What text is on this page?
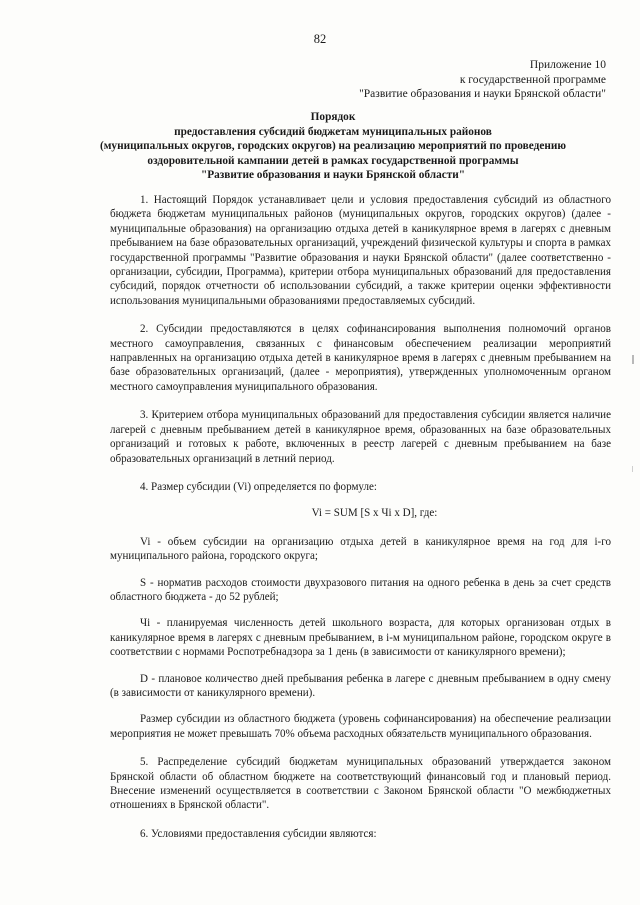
82
Приложение 10
к государственной программе
"Развитие образования и науки Брянской области"
Порядок
предоставления субсидий бюджетам муниципальных районов
(муниципальных округов, городских округов) на реализацию мероприятий по проведению
оздоровительной кампании детей в рамках государственной программы
"Развитие образования и науки Брянской области"

1. Настоящий Порядок устанавливает цели и условия предоставления субсидий из областного бюджета бюджетам муниципальных районов (муниципальных округов, городских округов) (далее - муниципальные образования) на организацию отдыха детей в каникулярное время в лагерях с дневным пребыванием на базе образовательных организаций, учреждений физической культуры и спорта в рамках государственной программы "Развитие образования и науки Брянской области" (далее соответственно - организации, субсидии, Программа), критерии отбора муниципальных образований для предоставления субсидий, порядок отчетности об использовании субсидий, а также критерии оценки эффективности использования муниципальными образованиями предоставляемых субсидий.

2. Субсидии предоставляются в целях софинансирования выполнения полномочий органов местного самоуправления, связанных с финансовым обеспечением реализации мероприятий направленных на организацию отдыха детей в каникулярное время в лагерях с дневным пребыванием на базе образовательных организаций, (далее - мероприятия), утвержденных уполномоченным органом местного самоуправления муниципального образования.

3. Критерием отбора муниципальных образований для предоставления субсидии является наличие лагерей с дневным пребыванием детей в каникулярное время, образованных на базе образовательных организаций и готовых к работе, включенных в реестр лагерей с дневным пребыванием на базе образовательных организаций в летний период.

4. Размер субсидии (Vi) определяется по формуле:

Vi = SUM [S x Чi x D], где:

Vi - объем субсидии на организацию отдыха детей в каникулярное время на год для i-го муниципального района, городского округа;

S - норматив расходов стоимости двухразового питания на одного ребенка в день за счет средств областного бюджета - до 52 рублей;

Чi - планируемая численность детей школьного возраста, для которых организован отдых в каникулярное время в лагерях с дневным пребыванием, в i-м муниципальном районе, городском округе в соответствии с нормами Роспотребнадзора за 1 день (в зависимости от каникулярного времени);

D - плановое количество дней пребывания ребенка в лагере с дневным пребыванием в одну смену (в зависимости от каникулярного времени).

Размер субсидии из областного бюджета (уровень софинансирования) на обеспечение реализации мероприятия не может превышать 70% объема расходных обязательств муниципального образования.

5. Распределение субсидий бюджетам муниципальных образований утверждается законом Брянской области об областном бюджете на соответствующий финансовый год и плановый период. Внесение изменений осуществляется в соответствии с Законом Брянской области "О межбюджетных отношениях в Брянской области".

6. Условиями предоставления субсидии являются:
